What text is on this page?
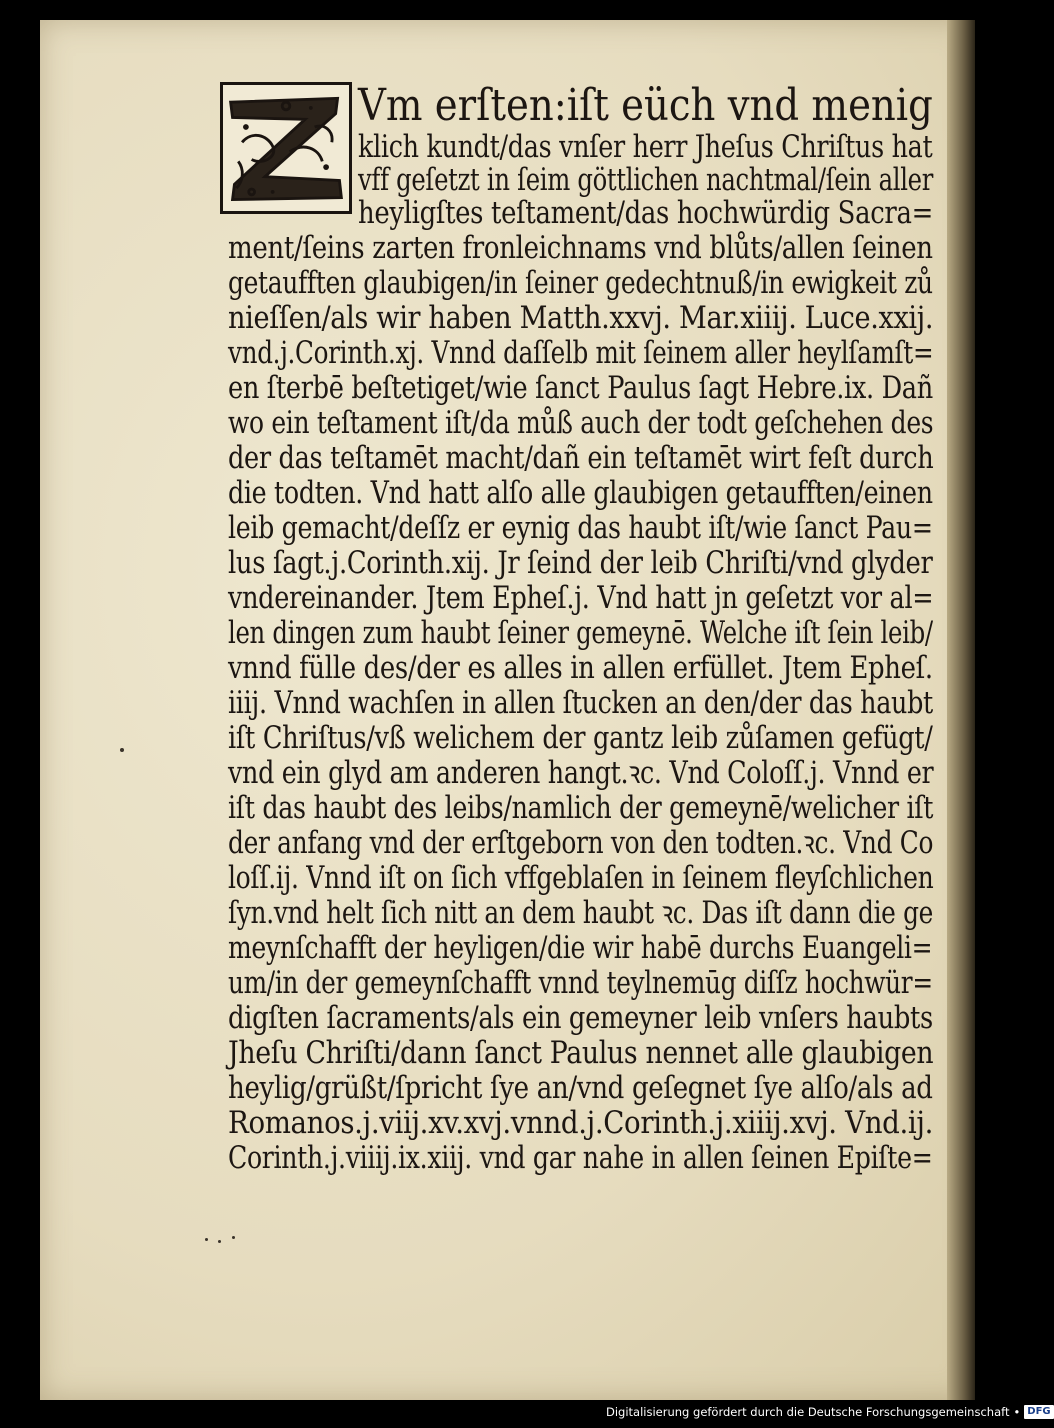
Vm erſten:iſt eüch vnd menig
klich kundt/das vnſer herr Jheſus Chriſtus hat
vff geſetzt in ſeim göttlichen nachtmal/ſein aller
heyligſtes teſtament/das hochwürdig Sacra=
ment/ſeins zarten fronleichnams vnd blůts/allen ſeinen
getaufften glaubigen/in ſeiner gedechtnuß/in ewigkeit zů
nieſſen/als wir haben Matth.xxvj. Mar.xiiij. Luce.xxij.
vnd.j.Corinth.xj. Vnnd daſſelb mit ſeinem aller heylſamſt=
en ſterbē beſtetiget/wie ſanct Paulus ſagt Hebre.ix. Dañ
wo ein teſtament iſt/da můß auch der todt geſchehen des
der das teſtamēt macht/dañ ein teſtamēt wirt feſt durch
die todten. Vnd hatt alſo alle glaubigen getaufften/einen
leib gemacht/deſſz er eynig das haubt iſt/wie ſanct Pau=
lus ſagt.j.Corinth.xij. Jr ſeind der leib Chriſti/vnd glyder
vndereinander. Jtem Epheſ.j. Vnd hatt jn geſetzt vor al=
len dingen zum haubt ſeiner gemeynē. Welche iſt ſein leib/
vnnd fülle des/der es alles in allen erfüllet. Jtem Epheſ.
iiij. Vnnd wachſen in allen ſtucken an den/der das haubt
iſt Chriſtus/vß welichem der gantz leib zůſamen gefügt/
vnd ein glyd am anderen hangt.ꝛc. Vnd Coloſſ.j. Vnnd er
iſt das haubt des leibs/namlich der gemeynē/welicher iſt
der anfang vnd der erſtgeborn von den todten.ꝛc. Vnd Co
loſſ.ij. Vnnd iſt on ſich vffgeblaſen in ſeinem fleyſchlichen
ſyn.vnd helt ſich nitt an dem haubt ꝛc. Das iſt dann die ge
meynſchafft der heyligen/die wir habē durchs Euangeli=
um/in der gemeynſchafft vnnd teylnemūg diſſz hochwür=
digſten ſacraments/als ein gemeyner leib vnſers haubts
Jheſu Chriſti/dann ſanct Paulus nennet alle glaubigen
heylig/grüßt/ſpricht ſye an/vnd geſegnet ſye alſo/als ad
Romanos.j.viij.xv.xvj.vnnd.j.Corinth.j.xiiij.xvj. Vnd.ij.
Corinth.j.viiij.ix.xiij. vnd gar nahe in allen ſeinen Epiſte=
Digitalisierung gefördert durch die Deutsche Forschungsgemeinschaft • DFG
